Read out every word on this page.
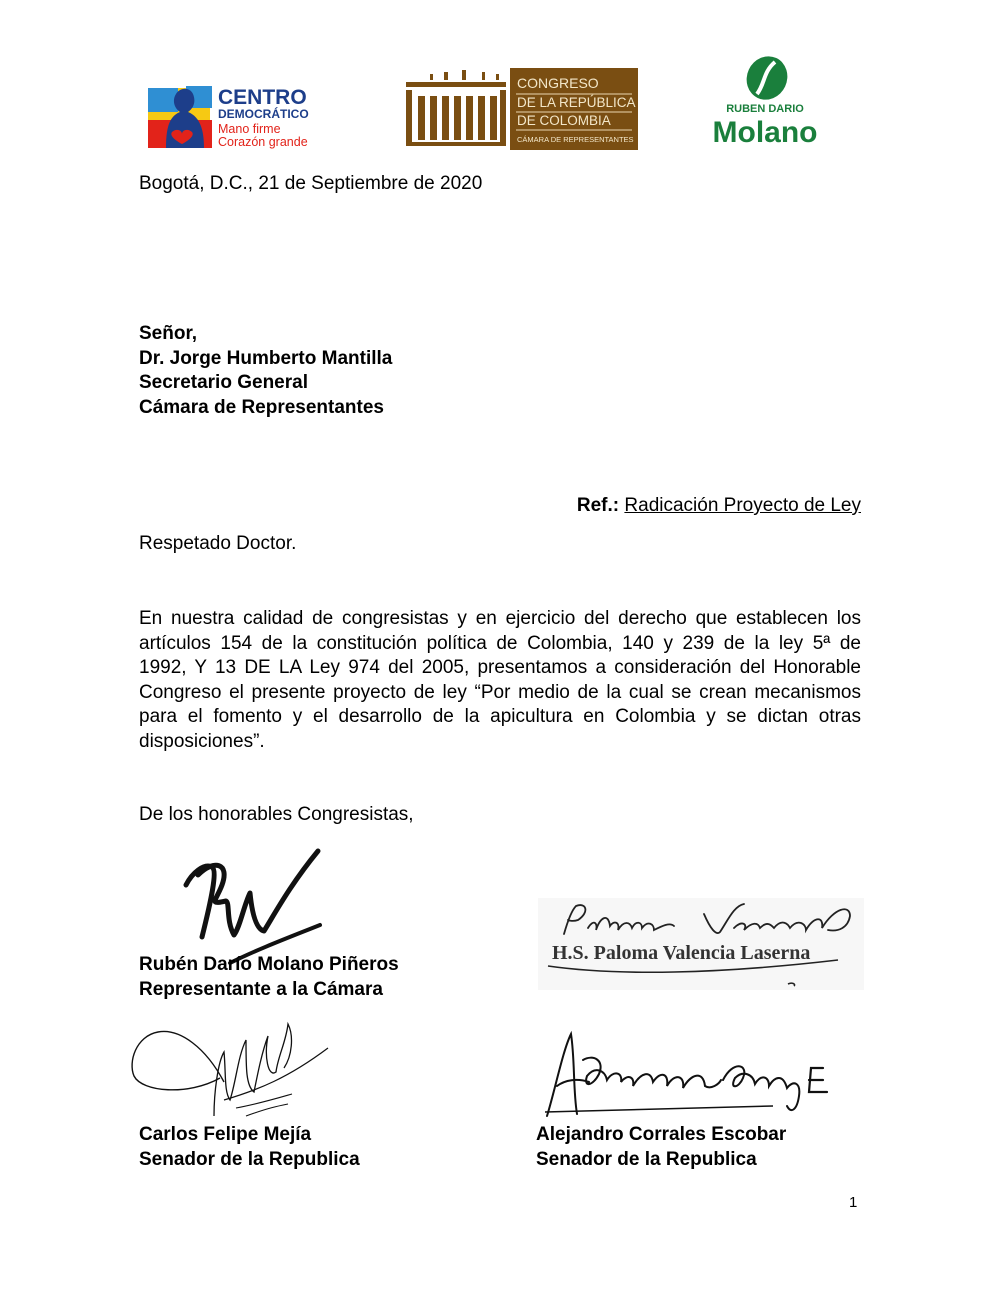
CENTRO
DEMOCRÁTICO
Mano firme
Corazón grande
CONGRESO
DE LA REPÚBLICA
DE COLOMBIA
CÁMARA DE REPRESENTANTES
RUBEN DARIO
Molano
Bogotá, D.C., 21 de Septiembre de 2020
Señor,
Dr. Jorge Humberto Mantilla
Secretario General
Cámara de Representantes
Ref.: Radicación Proyecto de Ley
Respetado Doctor.
En nuestra calidad de congresistas y en ejercicio del derecho que establecen los
artículos 154 de la constitución política de Colombia, 140 y 239 de la ley 5ª de
1992, Y 13 DE LA Ley 974 del 2005, presentamos a consideración del Honorable
Congreso el presente proyecto de ley “Por medio de la cual se crean mecanismos
para el fomento y el desarrollo de la apicultura en Colombia y se dictan otras
disposiciones”.
De los honorables Congresistas,
H.S. Paloma Valencia Laserna
Rubén Darío Molano Piñeros
Representante a la Cámara
Carlos Felipe Mejía
Senador de la Republica
Alejandro Corrales Escobar
Senador de la Republica
1
